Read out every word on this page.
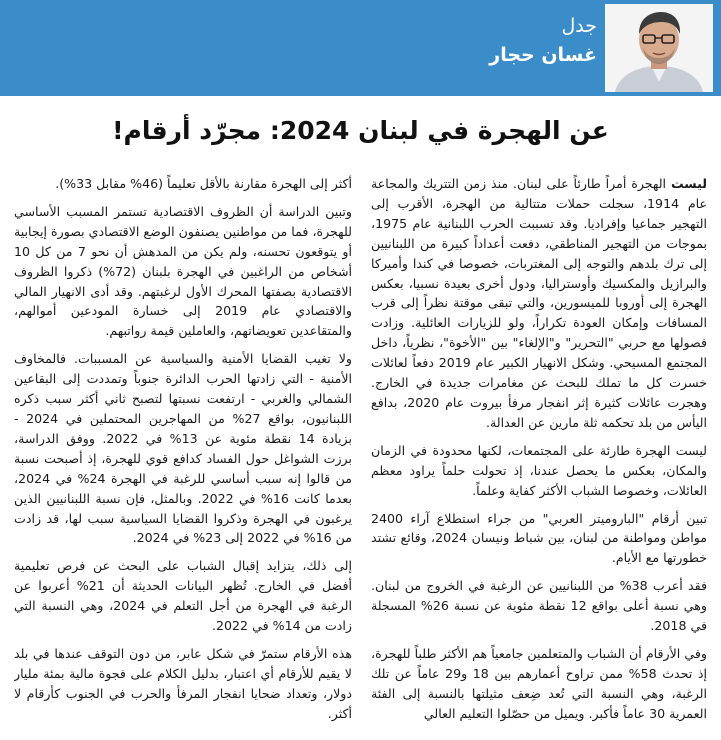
جدل
غسان حجار
عن الهجرة في لبنان 2024: مجرّد أرقام!

ليست الهجرة أمراً طارئاً على لبنان. منذ زمن التتريك والمجاعة عام 1914، سجلت حملات متتالية من الهجرة، الأقرب إلى التهجير جماعيا وإفراديا. وقد تسببت الحرب اللبنانية عام 1975، بموجات من التهجير المناطقي، دفعت أعداداً كبيرة من اللبنانيين إلى ترك بلدهم والتوجه إلى المغتربات، خصوصا في كندا وأميركا والبرازيل والمكسيك وأوستراليا، ودول أخرى بعيدة نسبيا، بعكس الهجرة إلى أوروبا للميسورين، والتي تبقى موقتة نظراً إلى قرب المسافات وإمكان العودة تكراراً، ولو للزيارات العائلية. وزادت فصولها مع حربي "التحرير" و"الإلغاء" بين "الأخوة"، نظرياً، داخل المجتمع المسيحي. وشكل الانهيار الكبير عام 2019 دفعاً لعائلات خسرت كل ما تملك للبحث عن مغامرات جديدة في الخارج. وهجرت عائلات كثيرة إثر انفجار مرفأ بيروت عام 2020، بدافع اليأس من بلد تحكمه ثلة مارين عن العدالة.

ليست الهجرة طارئة على المجتمعات، لكنها محدودة في الزمان والمكان، بعكس ما يحصل عندنا، إذ تحولت حلماً يراود معظم العائلات، وخصوصا الشباب الأكثر كفاية وعلماً.

تبين أرقام "الباروميتر العربي" من جراء استطلاع آراء 2400 مواطن ومواطنة من لبنان، بين شباط ونيسان 2024، وقائع تشتد خطورتها مع الأيام.

فقد أعرب 38% من اللبنانيين عن الرغبة في الخروج من لبنان. وهي نسبة أعلى بواقع 12 نقطة مئوية عن نسبة 26% المسجلة في 2018.

وفي الأرقام أن الشباب والمتعلمين جامعياً هم الأكثر طلباً للهجرة، إذ تحدث 58% ممن تراوح أعمارهم بين 18 و29 عاماً عن تلك الرغبة، وهي النسبة التي تُعد ضِعف مثيلتها بالنسبة إلى الفئة العمرية 30 عاماً فأكبر. ويميل من حصّلوا التعليم العالي

أكثر إلى الهجرة مقارنة بالأقل تعليماً (46% مقابل 33%).

وتبين الدراسة أن الظروف الاقتصادية تستمر المسبب الأساسي للهجرة، فما من مواطنين يصنفون الوضع الاقتصادي بصورة إيجابية أو يتوقعون تحسنه، ولم يكن من المدهش أن نحو 7 من كل 10 أشخاص من الراغبين في الهجرة بلبنان (72%) ذكروا الظروف الاقتصادية بصفتها المحرك الأول لرغبتهم. وقد أدى الانهيار المالي والاقتصادي عام 2019 إلى خسارة المودعين أموالهم، والمتقاعدين تعويضاتهم، والعاملين قيمة رواتبهم.

ولا تغيب القضايا الأمنية والسياسية عن المسببات. فالمخاوف الأمنية - التي زادتها الحرب الدائرة جنوباً وتمددت إلى البقاعين الشمالي والغربي - ارتفعت نسبتها لتصبح ثاني أكثر سبب ذكره اللبنانيون، بواقع 27% من المهاجرين المحتملين في 2024 - بزيادة 14 نقطة مئوية عن 13% في 2022. ووفق الدراسة، برزت الشواغل حول الفساد كدافع قوي للهجرة، إذ أصبحت نسبة من قالوا إنه سبب أساسي للرغبة في الهجرة 24% في 2024، بعدما كانت 16% في 2022. وبالمثل، فإن نسبة اللبنانيين الذين يرغبون في الهجرة وذكروا القضايا السياسية سبب لها، قد زادت من 16% في 2022 إلى 23% في 2024.

إلى ذلك، يتزايد إقبال الشباب على البحث عن فرص تعليمية أفضل في الخارج. تُظهر البيانات الحديثة أن 21% أعربوا عن الرغبة في الهجرة من أجل التعلم في 2024، وهي النسبة التي زادت من 14% في 2022.

هذه الأرقام ستمرّ في شكل عابر، من دون التوقف عندها في بلد لا يقيم للأرقام أي اعتبار، بدليل الكلام على فجوة مالية بمئة مليار دولار، وتعداد ضحايا انفجار المرفأ والحرب في الجنوب كأرقام لا أكثر.
